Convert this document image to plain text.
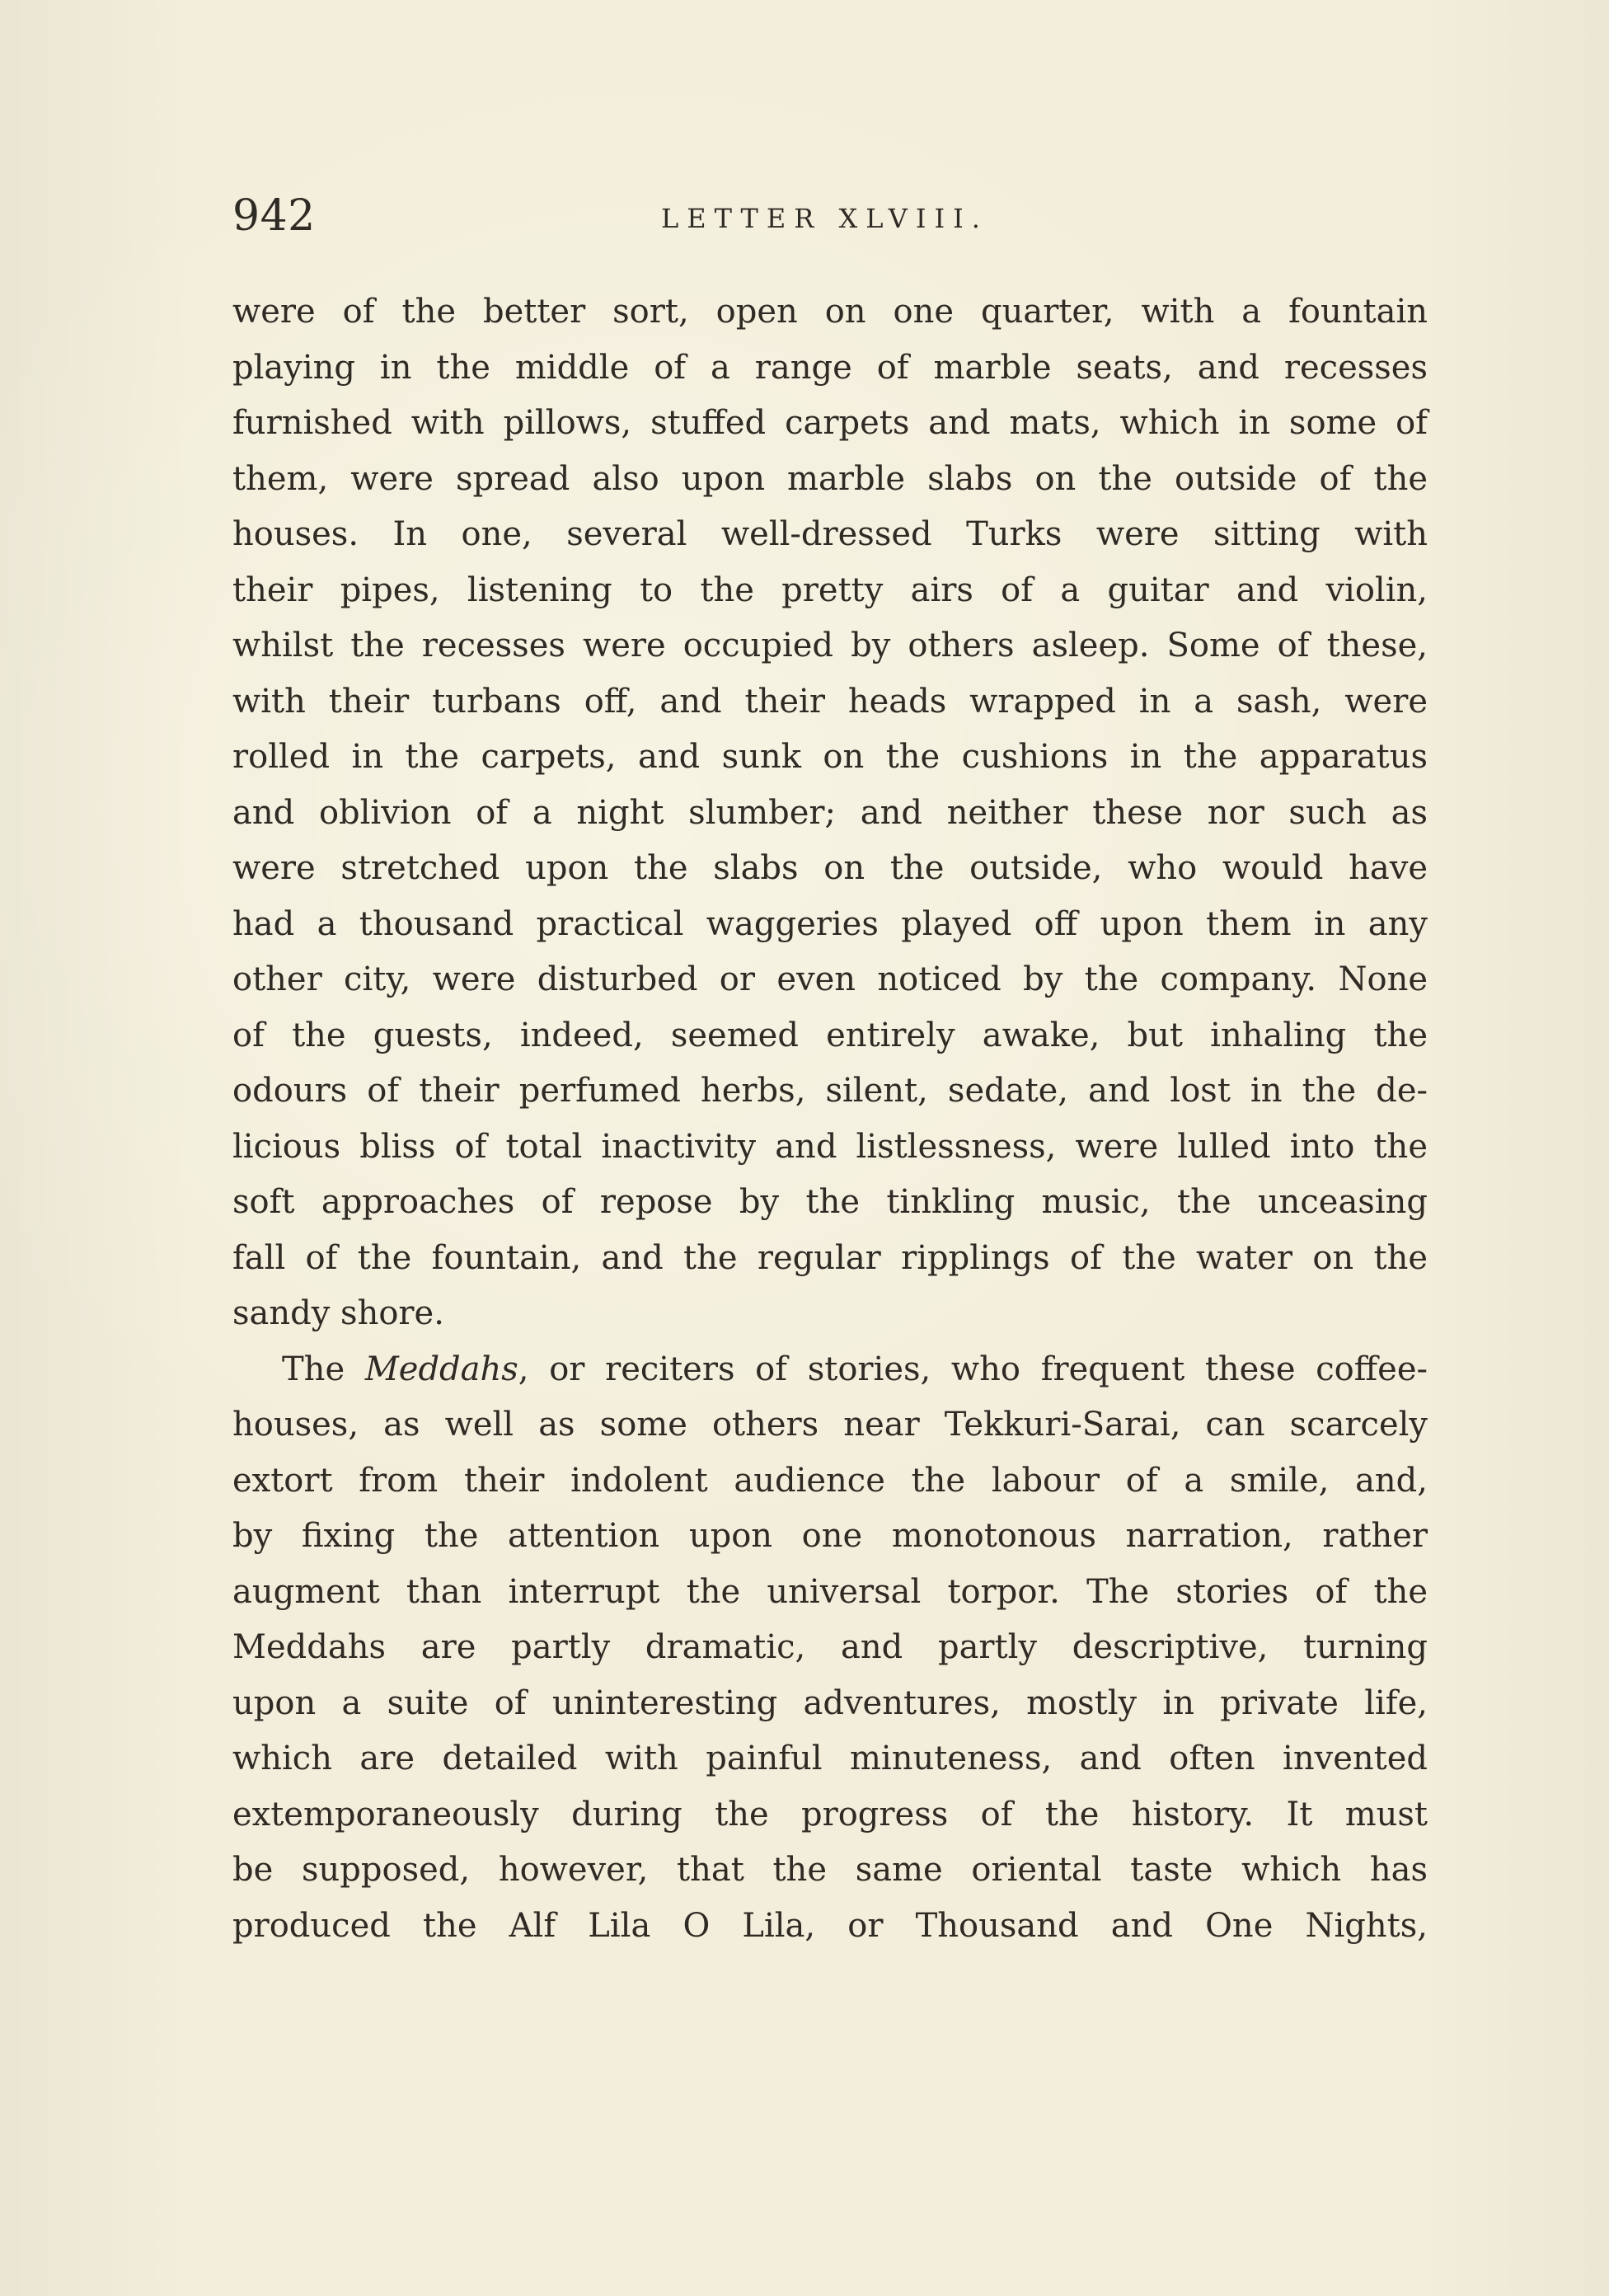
942	LETTER XLVIII.
were of the better sort, open on one quarter, with a fountain
playing in the middle of a range of marble seats, and recesses
furnished with pillows, stuffed carpets and mats, which in some of
them, were spread also upon marble slabs on the outside of the
houses. In one, several well-dressed Turks were sitting with
their pipes, listening to the pretty airs of a guitar and violin,
whilst the recesses were occupied by others asleep. Some of these,
with their turbans off, and their heads wrapped in a sash, were
rolled in the carpets, and sunk on the cushions in the apparatus
and oblivion of a night slumber; and neither these nor such as
were stretched upon the slabs on the outside, who would have
had a thousand practical waggeries played off upon them in any
other city, were disturbed or even noticed by the company. None
of the guests, indeed, seemed entirely awake, but inhaling the
odours of their perfumed herbs, silent, sedate, and lost in the de-
licious bliss of total inactivity and listlessness, were lulled into the
soft approaches of repose by the tinkling music, the unceasing
fall of the fountain, and the regular ripplings of the water on the
sandy shore.
The Meddahs, or reciters of stories, who frequent these coffee-
houses, as well as some others near Tekkuri-Sarai, can scarcely
extort from their indolent audience the labour of a smile, and,
by fixing the attention upon one monotonous narration, rather
augment than interrupt the universal torpor. The stories of the
Meddahs are partly dramatic, and partly descriptive, turning
upon a suite of uninteresting adventures, mostly in private life,
which are detailed with painful minuteness, and often invented
extemporaneously during the progress of the history. It must
be supposed, however, that the same oriental taste which has
produced the Alf Lila O Lila, or Thousand and One Nights,
